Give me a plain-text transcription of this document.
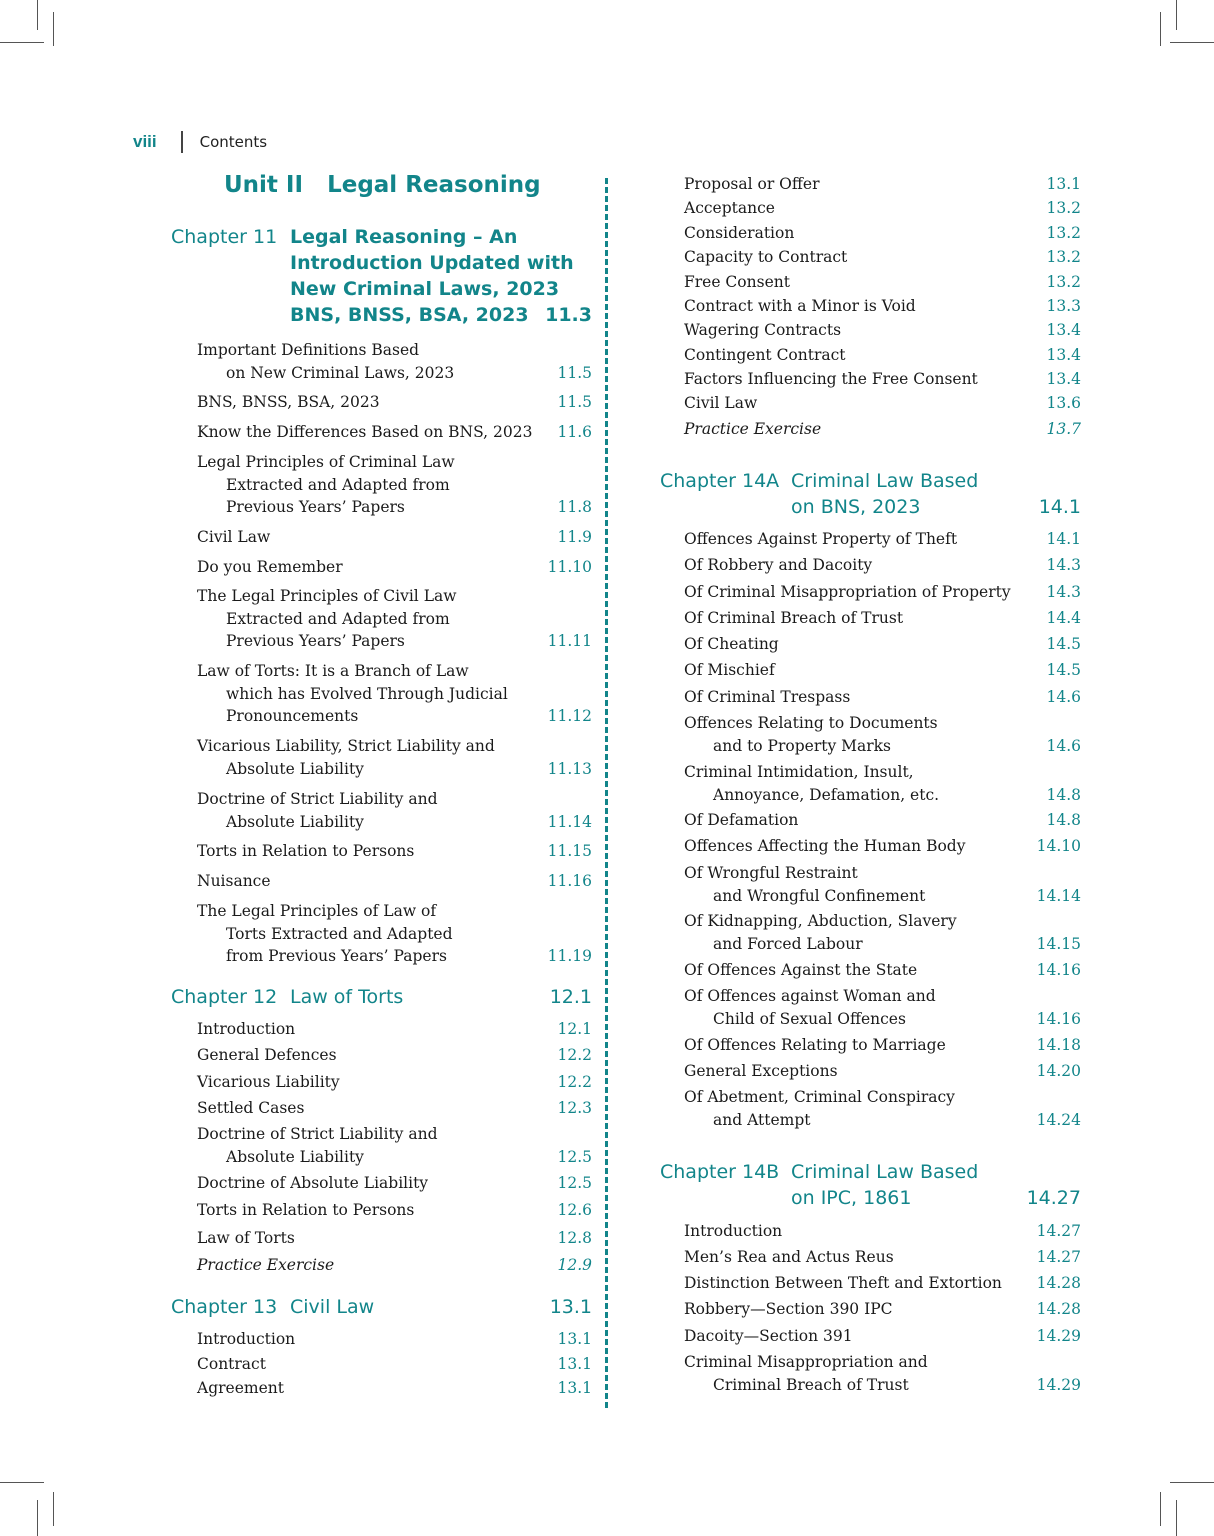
viii	Contents
Unit II Legal Reasoning
Chapter 11 Legal Reasoning – An
Introduction Updated with
New Criminal Laws, 2023
BNS, BNSS, BSA, 2023 11.3
Important Definitions Based
on New Criminal Laws, 2023	11.5
BNS, BNSS, BSA, 2023	11.5
Know the Differences Based on BNS, 2023	11.6
Legal Principles of Criminal Law
Extracted and Adapted from
Previous Years’ Papers	11.8
Civil Law	11.9
Do you Remember	11.10
The Legal Principles of Civil Law
Extracted and Adapted from
Previous Years’ Papers	11.11
Law of Torts: It is a Branch of Law
which has Evolved Through Judicial
Pronouncements	11.12
Vicarious Liability, Strict Liability and
Absolute Liability	11.13
Doctrine of Strict Liability and
Absolute Liability	11.14
Torts in Relation to Persons	11.15
Nuisance	11.16
The Legal Principles of Law of
Torts Extracted and Adapted
from Previous Years’ Papers	11.19
Chapter 12 Law of Torts	12.1
Introduction	12.1
General Defences	12.2
Vicarious Liability	12.2
Settled Cases	12.3
Doctrine of Strict Liability and
Absolute Liability	12.5
Doctrine of Absolute Liability	12.5
Torts in Relation to Persons	12.6
Law of Torts	12.8
Practice Exercise	12.9
Chapter 13 Civil Law	13.1
Introduction	13.1
Contract	13.1
Agreement	13.1
Proposal or Offer	13.1
Acceptance	13.2
Consideration	13.2
Capacity to Contract	13.2
Free Consent	13.2
Contract with a Minor is Void	13.3
Wagering Contracts	13.4
Contingent Contract	13.4
Factors Influencing the Free Consent	13.4
Civil Law	13.6
Practice Exercise	13.7
Chapter 14A Criminal Law Based
on BNS, 2023	14.1
Offences Against Property of Theft	14.1
Of Robbery and Dacoity	14.3
Of Criminal Misappropriation of Property	14.3
Of Criminal Breach of Trust	14.4
Of Cheating	14.5
Of Mischief	14.5
Of Criminal Trespass	14.6
Offences Relating to Documents
and to Property Marks	14.6
Criminal Intimidation, Insult,
Annoyance, Defamation, etc.	14.8
Of Defamation	14.8
Offences Affecting the Human Body	14.10
Of Wrongful Restraint
and Wrongful Confinement	14.14
Of Kidnapping, Abduction, Slavery
and Forced Labour	14.15
Of Offences Against the State	14.16
Of Offences against Woman and
Child of Sexual Offences	14.16
Of Offences Relating to Marriage	14.18
General Exceptions	14.20
Of Abetment, Criminal Conspiracy
and Attempt	14.24
Chapter 14B Criminal Law Based
on IPC, 1861	14.27
Introduction	14.27
Men’s Rea and Actus Reus	14.27
Distinction Between Theft and Extortion	14.28
Robbery—Section 390 IPC	14.28
Dacoity—Section 391	14.29
Criminal Misappropriation and
Criminal Breach of Trust	14.29
